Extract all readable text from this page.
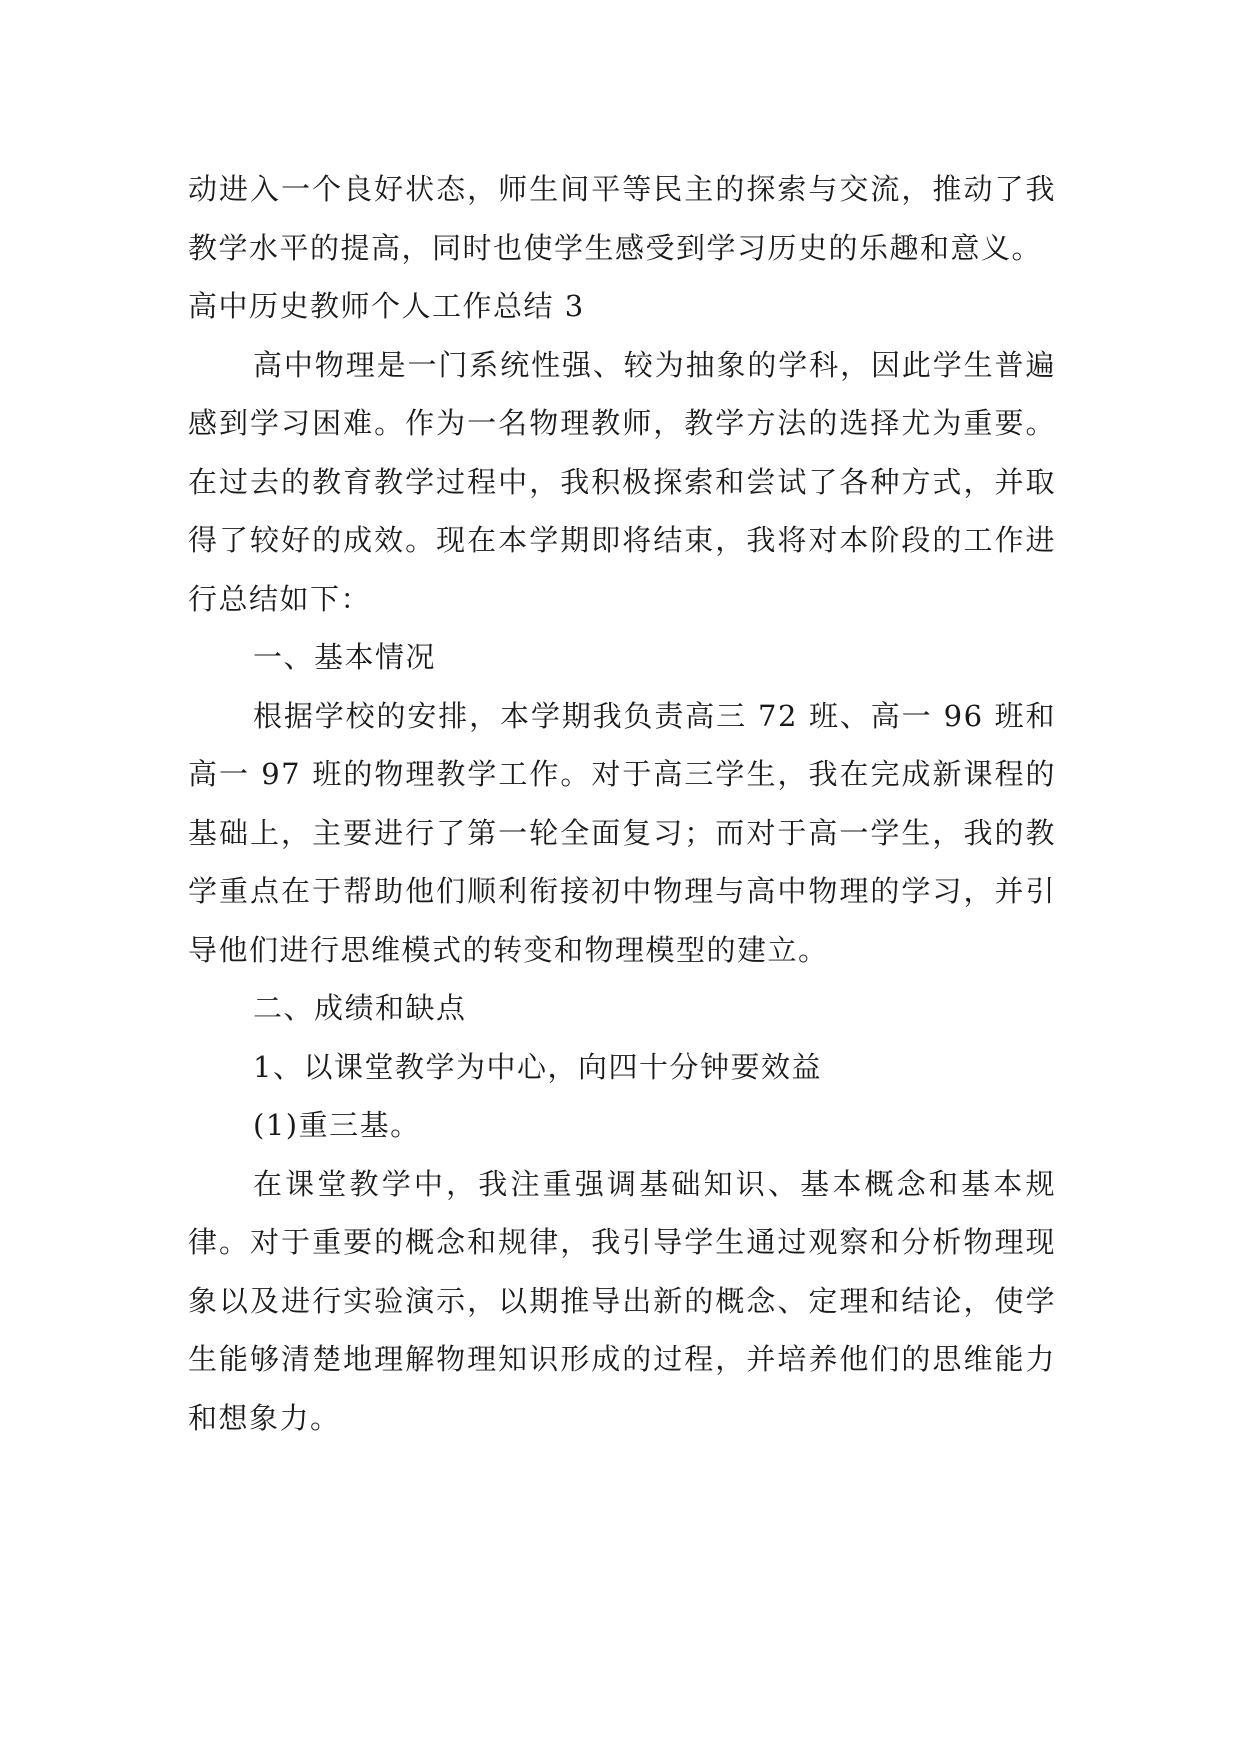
动进入一个良好状态，师生间平等民主的探索与交流，推动了我教学水平的提高，同时也使学生感受到学习历史的乐趣和意义。

高中历史教师个人工作总结 3

高中物理是一门系统性强、较为抽象的学科，因此学生普遍感到学习困难。作为一名物理教师，教学方法的选择尤为重要。在过去的教育教学过程中，我积极探索和尝试了各种方式，并取得了较好的成效。现在本学期即将结束，我将对本阶段的工作进行总结如下：

一、基本情况

根据学校的安排，本学期我负责高三 72 班、高一 96 班和高一 97 班的物理教学工作。对于高三学生，我在完成新课程的基础上，主要进行了第一轮全面复习；而对于高一学生，我的教学重点在于帮助他们顺利衔接初中物理与高中物理的学习，并引导他们进行思维模式的转变和物理模型的建立。

二、成绩和缺点

1、以课堂教学为中心，向四十分钟要效益

(1)重三基。

在课堂教学中，我注重强调基础知识、基本概念和基本规律。对于重要的概念和规律，我引导学生通过观察和分析物理现象以及进行实验演示，以期推导出新的概念、定理和结论，使学生能够清楚地理解物理知识形成的过程，并培养他们的思维能力和想象力。
